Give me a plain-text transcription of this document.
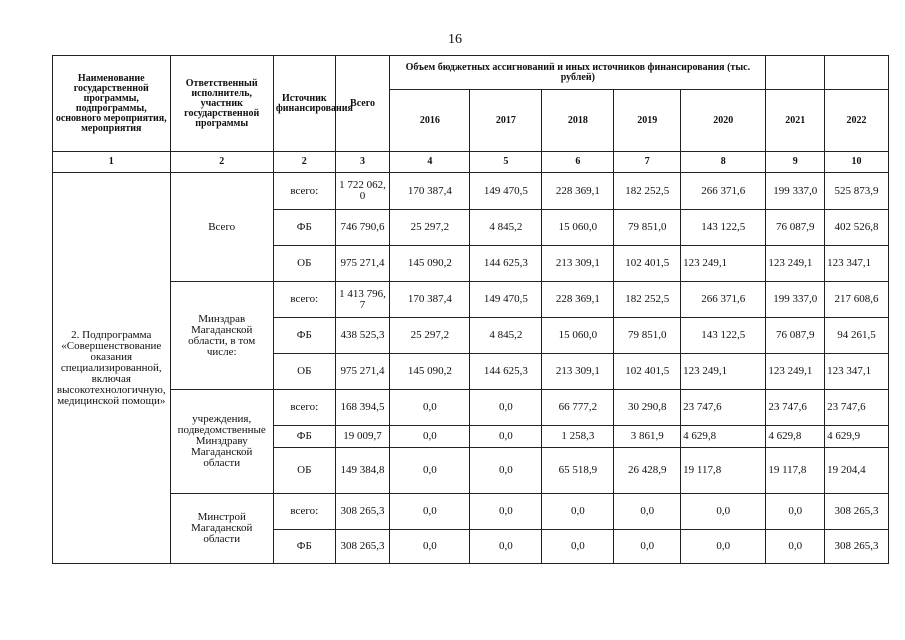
16
Наименование государственной программы, подпрограммы, основного мероприятия, мероприятия	Ответственный исполнитель, участник государственной программы	Источник финансирования	Всего	Объем бюджетных ассигнований и иных источников финансирования (тыс. рублей)						
				2016	2017	2018	2019	2020	2021	2022
1	2	2	3	4	5	6	7	8	9	10
2. Подпрограмма «Совершенствование оказания специализированной, включая высокотехнологичную, медицинской помощи»	Всего	всего:	1 722 062,0	170 387,4	149 470,5	228 369,1	182 252,5	266 371,6	199 337,0	525 873,9
		ФБ	746 790,6	25 297,2	4 845,2	15 060,0	79 851,0	143 122,5	76 087,9	402 526,8
		ОБ	975 271,4	145 090,2	144 625,3	213 309,1	102 401,5	123 249,1	123 249,1	123 347,1
	Минздрав Магаданской области, в том числе:	всего:	1 413 796,7	170 387,4	149 470,5	228 369,1	182 252,5	266 371,6	199 337,0	217 608,6
		ФБ	438 525,3	25 297,2	4 845,2	15 060,0	79 851,0	143 122,5	76 087,9	94 261,5
		ОБ	975 271,4	145 090,2	144 625,3	213 309,1	102 401,5	123 249,1	123 249,1	123 347,1
	учреждения, подведомственные Минздраву Магаданской области	всего:	168 394,5	0,0	0,0	66 777,2	30 290,8	23 747,6	23 747,6	23 747,6
		ФБ	19 009,7	0,0	0,0	1 258,3	3 861,9	4 629,8	4 629,8	4 629,9
		ОБ	149 384,8	0,0	0,0	65 518,9	26 428,9	19 117,8	19 117,8	19 204,4
	Минстрой Магаданской области	всего:	308 265,3	0,0	0,0	0,0	0,0	0,0	0,0	308 265,3
		ФБ	308 265,3	0,0	0,0	0,0	0,0	0,0	0,0	308 265,3
